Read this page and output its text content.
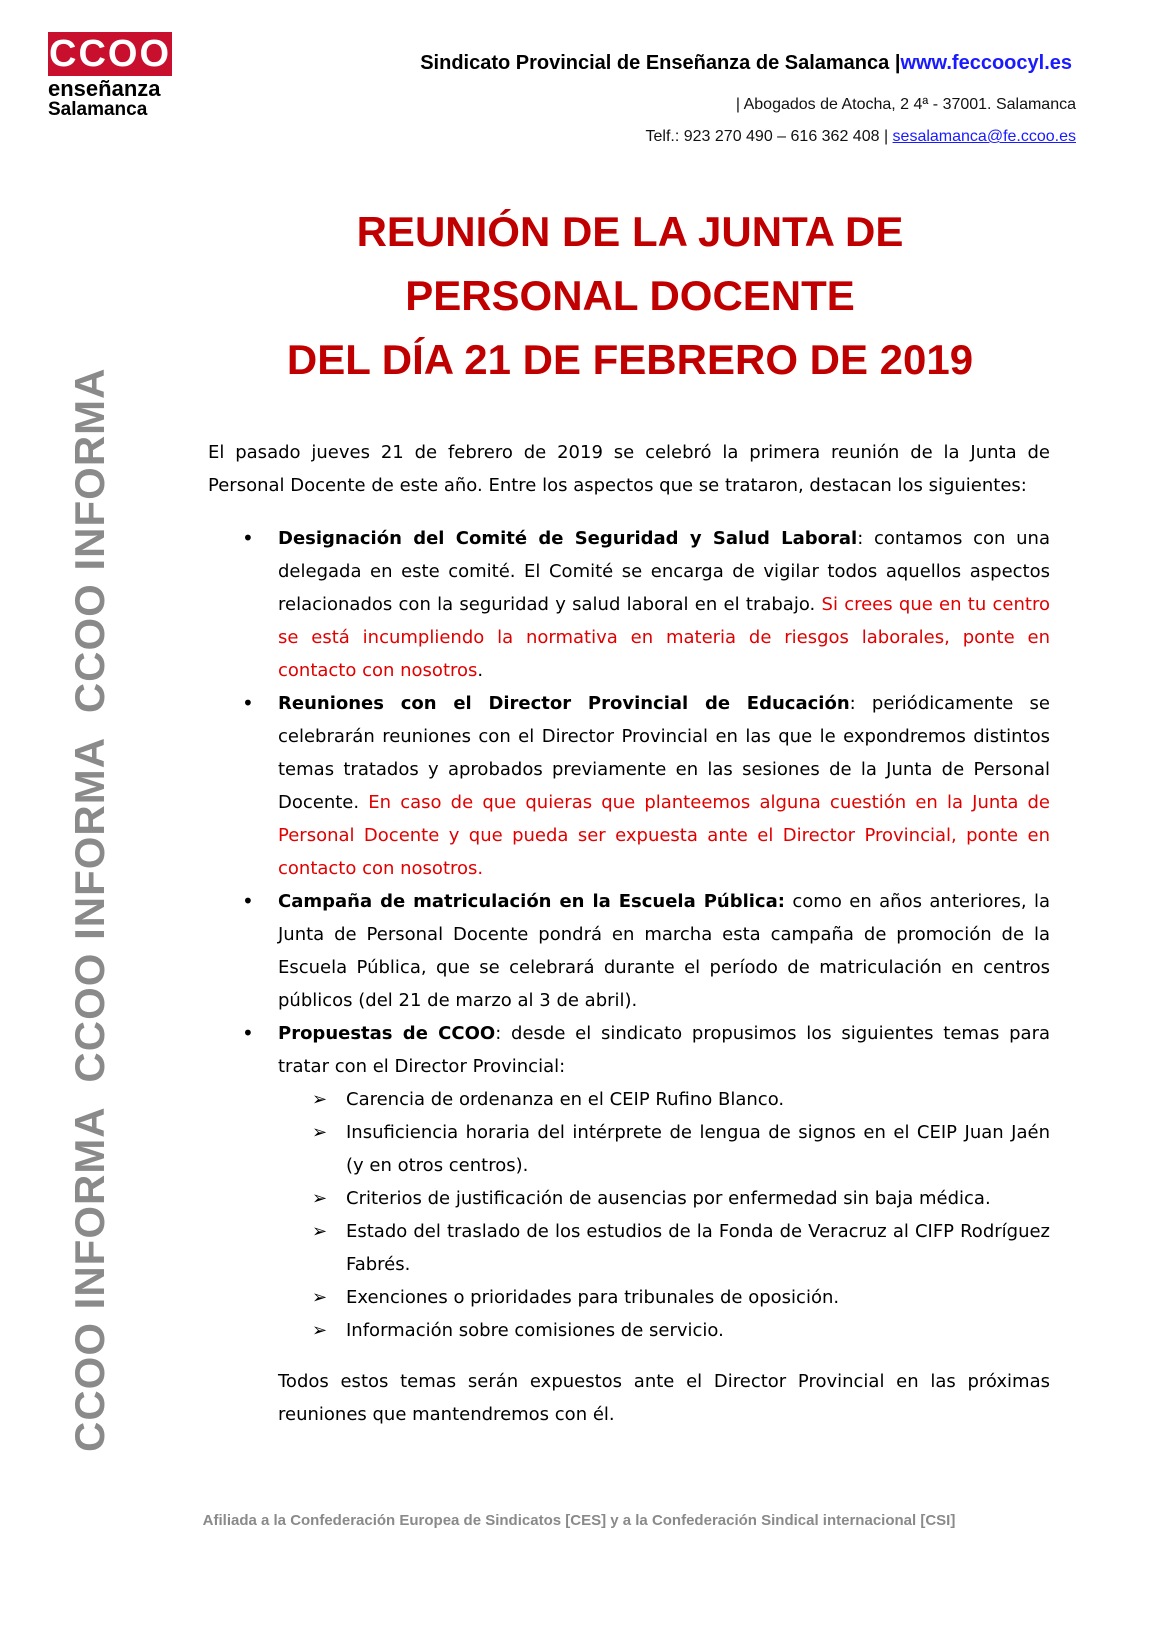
CCOO
enseñanza
Salamanca
Sindicato Provincial de Enseñanza de Salamanca |www.feccoocyl.es
| Abogados de Atocha, 2 4ª - 37001. Salamanca
Telf.: 923 270 490 – 616 362 408 | sesalamanca@fe.ccoo.es
CCOO INFORMA  CCOO INFORMA  CCOO INFORMA
REUNIÓN DE LA JUNTA DE
PERSONAL DOCENTE
DEL DÍA 21 DE FEBRERO DE 2019

El pasado jueves 21 de febrero de 2019 se celebró la primera reunión de la Junta de Personal Docente de este año. Entre los aspectos que se trataron, destacan los siguientes:

• Designación del Comité de Seguridad y Salud Laboral: contamos con una delegada en este comité. El Comité se encarga de vigilar todos aquellos aspectos relacionados con la seguridad y salud laboral en el trabajo. Si crees que en tu centro se está incumpliendo la normativa en materia de riesgos laborales, ponte en contacto con nosotros.
• Reuniones con el Director Provincial de Educación: periódicamente se celebrarán reuniones con el Director Provincial en las que le expondremos distintos temas tratados y aprobados previamente en las sesiones de la Junta de Personal Docente. En caso de que quieras que planteemos alguna cuestión en la Junta de Personal Docente y que pueda ser expuesta ante el Director Provincial, ponte en contacto con nosotros.
• Campaña de matriculación en la Escuela Pública: como en años anteriores, la Junta de Personal Docente pondrá en marcha esta campaña de promoción de la Escuela Pública, que se celebrará durante el período de matriculación en centros públicos (del 21 de marzo al 3 de abril).
• Propuestas de CCOO: desde el sindicato propusimos los siguientes temas para tratar con el Director Provincial:
➢ Carencia de ordenanza en el CEIP Rufino Blanco.
➢ Insuficiencia horaria del intérprete de lengua de signos en el CEIP Juan Jaén (y en otros centros).
➢ Criterios de justificación de ausencias por enfermedad sin baja médica.
➢ Estado del traslado de los estudios de la Fonda de Veracruz al CIFP Rodríguez Fabrés.
➢ Exenciones o prioridades para tribunales de oposición.
➢ Información sobre comisiones de servicio.

Todos estos temas serán expuestos ante el Director Provincial en las próximas reuniones que mantendremos con él.

Afiliada a la Confederación Europea de Sindicatos [CES] y a la Confederación Sindical internacional [CSI]
